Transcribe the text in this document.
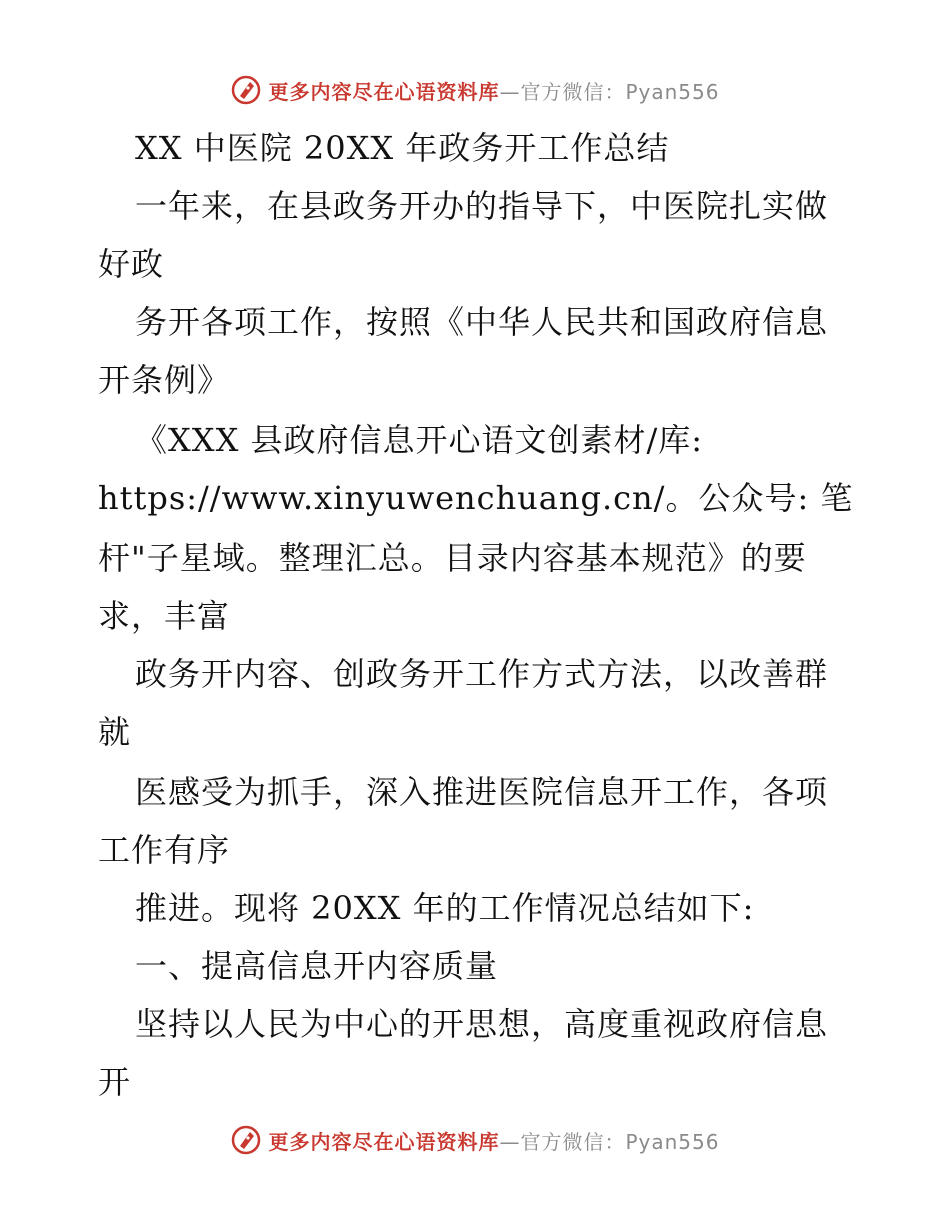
更多内容尽在心语资料库—官方微信：Pyan556
XX 中医院 20XX 年政务开工作总结
一年来，在县政务开办的指导下，中医院扎实做
好政
务开各项工作，按照《中华人民共和国政府信息
开条例》
《XXX 县政府信息开心语文创素材/库:
https://www.xinyuwenchuang.cn/。公众号: 笔
杆"子星域。整理汇总。目录内容基本规范》的要
求，丰富
政务开内容、创政务开工作方式方法，以改善群
就
医感受为抓手，深入推进医院信息开工作，各项
工作有序
推进。现将 20XX 年的工作情况总结如下:
一、提高信息开内容质量
坚持以人民为中心的开思想，高度重视政府信息
开
更多内容尽在心语资料库—官方微信：Pyan556
